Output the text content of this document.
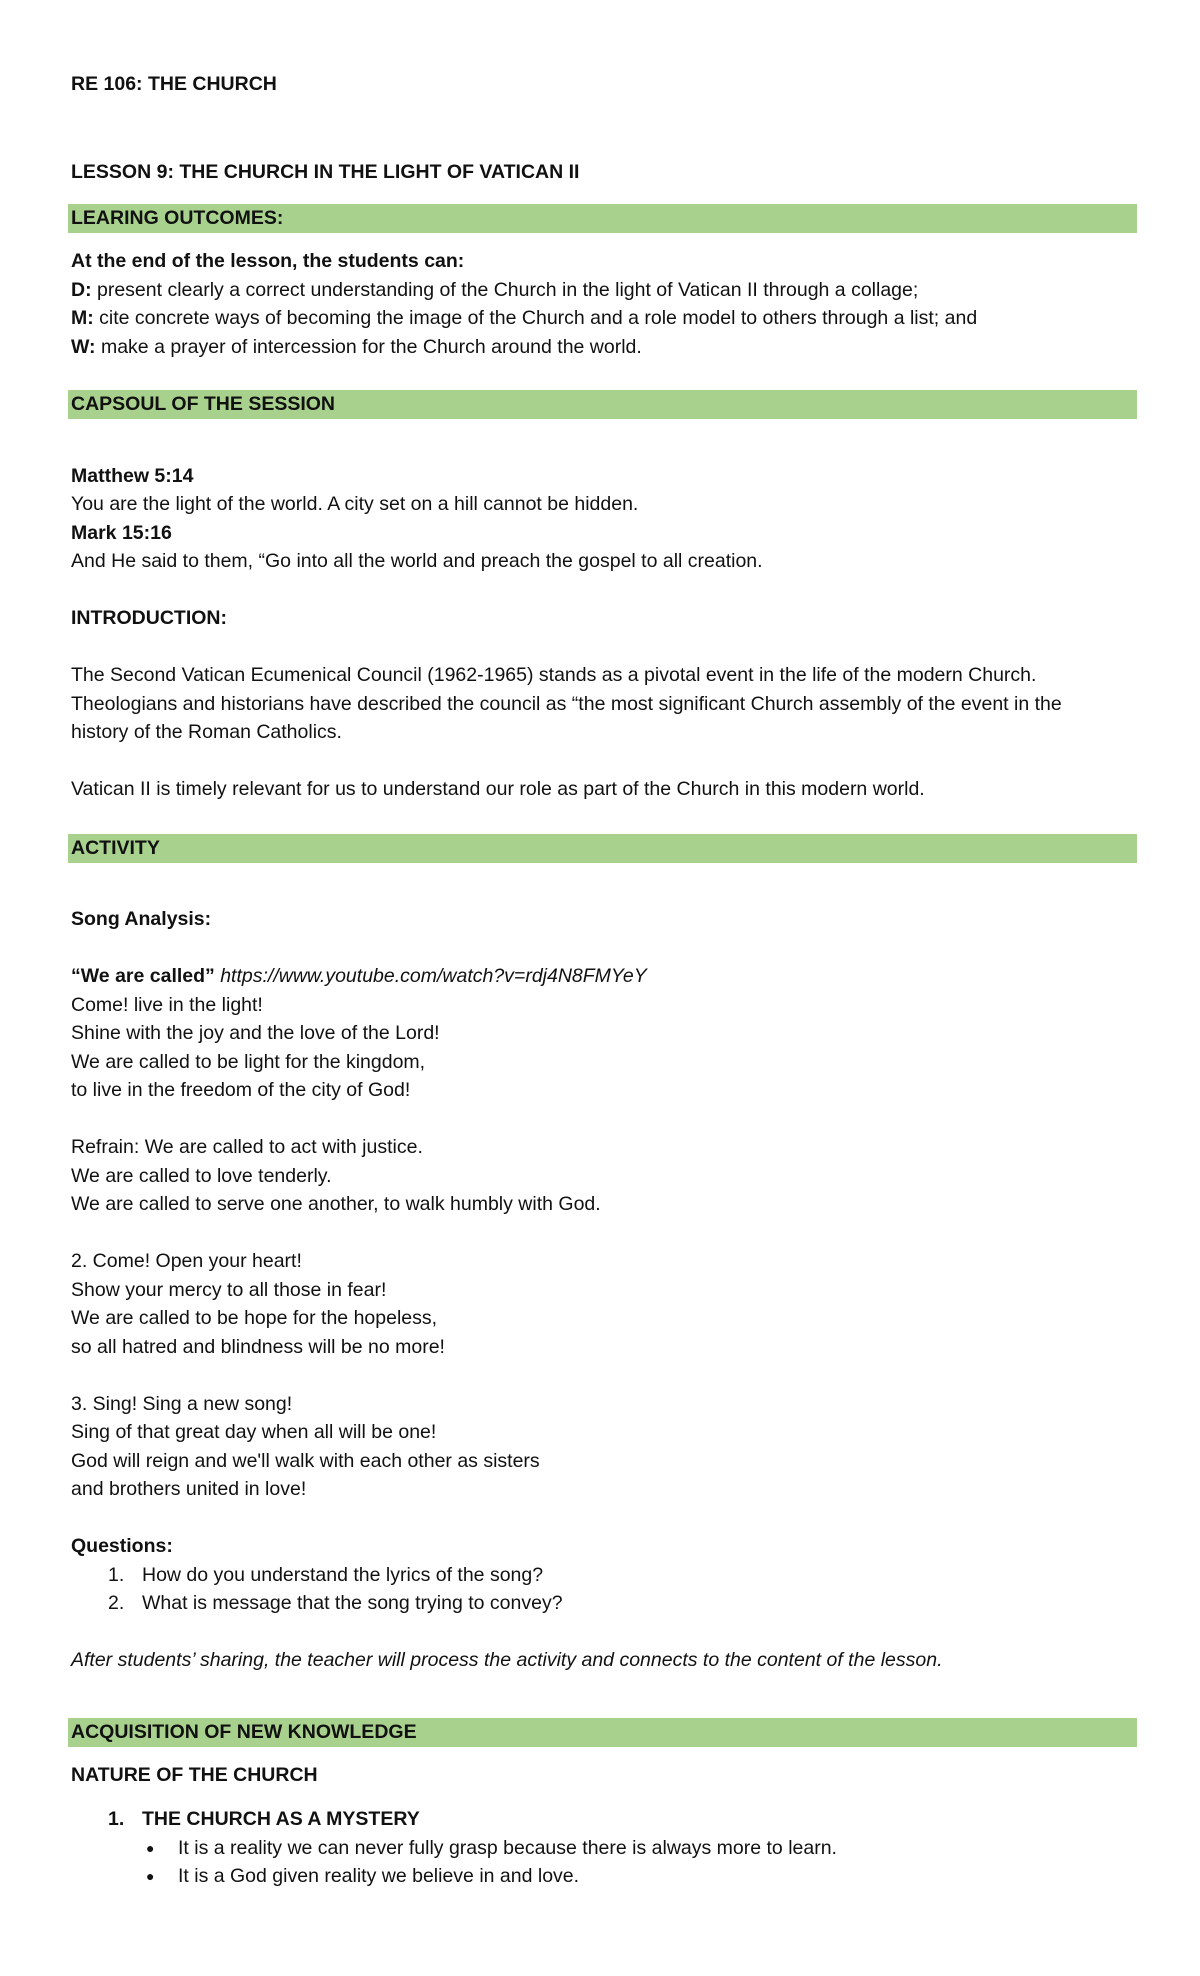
RE 106: THE CHURCH
LESSON 9: THE CHURCH IN THE LIGHT OF VATICAN II
LEARING OUTCOMES:
At the end of the lesson, the students can:
D: present clearly a correct understanding of the Church in the light of Vatican II through a collage;
M: cite concrete ways of becoming the image of the Church and a role model to others through a list; and
W: make a prayer of intercession for the Church around the world.
CAPSOUL OF THE SESSION
Matthew 5:14
You are the light of the world. A city set on a hill cannot be hidden.
Mark 15:16
And He said to them, “Go into all the world and preach the gospel to all creation.
INTRODUCTION:
The Second Vatican Ecumenical Council (1962-1965) stands as a pivotal event in the life of the modern Church.
Theologians and historians have described the council as “the most significant Church assembly of the event in the
history of the Roman Catholics.
Vatican II is timely relevant for us to understand our role as part of the Church in this modern world.
ACTIVITY
Song Analysis:
“We are called” https://www.youtube.com/watch?v=rdj4N8FMYeY
Come! live in the light!
Shine with the joy and the love of the Lord!
We are called to be light for the kingdom,
to live in the freedom of the city of God!
Refrain: We are called to act with justice.
We are called to love tenderly.
We are called to serve one another, to walk humbly with God.
2. Come! Open your heart!
Show your mercy to all those in fear!
We are called to be hope for the hopeless,
so all hatred and blindness will be no more!
3. Sing! Sing a new song!
Sing of that great day when all will be one!
God will reign and we'll walk with each other as sisters
and brothers united in love!
Questions:
1. How do you understand the lyrics of the song?
2. What is message that the song trying to convey?
After students’ sharing, the teacher will process the activity and connects to the content of the lesson.
ACQUISITION OF NEW KNOWLEDGE
NATURE OF THE CHURCH
1. THE CHURCH AS A MYSTERY
● It is a reality we can never fully grasp because there is always more to learn.
● It is a God given reality we believe in and love.
